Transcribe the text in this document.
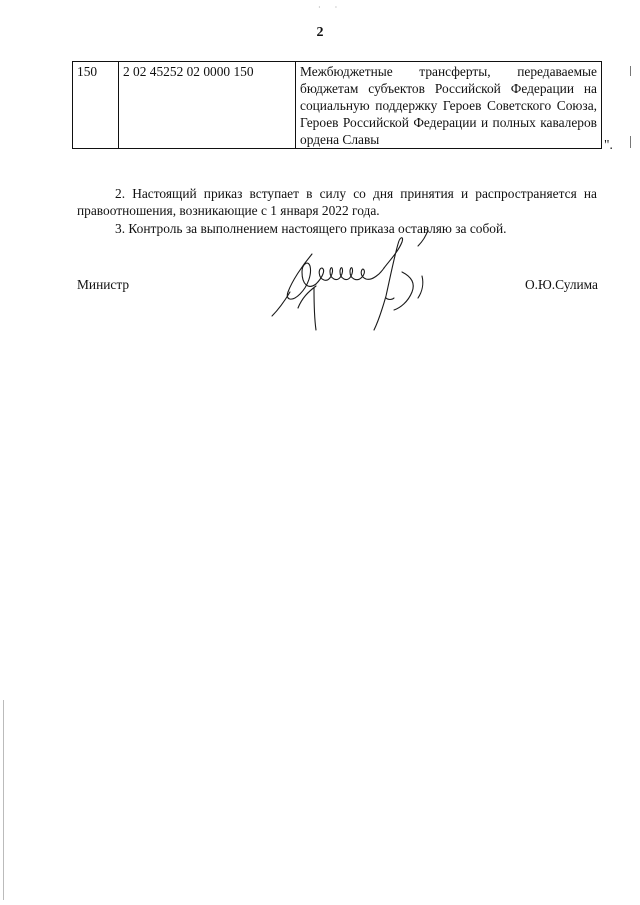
· ·
2
150	2 02 45252 02 0000 150	Межбюджетные трансферты, передаваемые бюджетам субъектов Российской Федерации на социальную поддержку Героев Советского Союза, Героев Российской Федерации и полных кавалеров ордена Славы	".
2. Настоящий приказ вступает в силу со дня принятия и распространяется на правоотношения, возникающие с 1 января 2022 года.
3. Контроль за выполнением настоящего приказа оставляю за собой.
Министр	О.Ю.Сулима
